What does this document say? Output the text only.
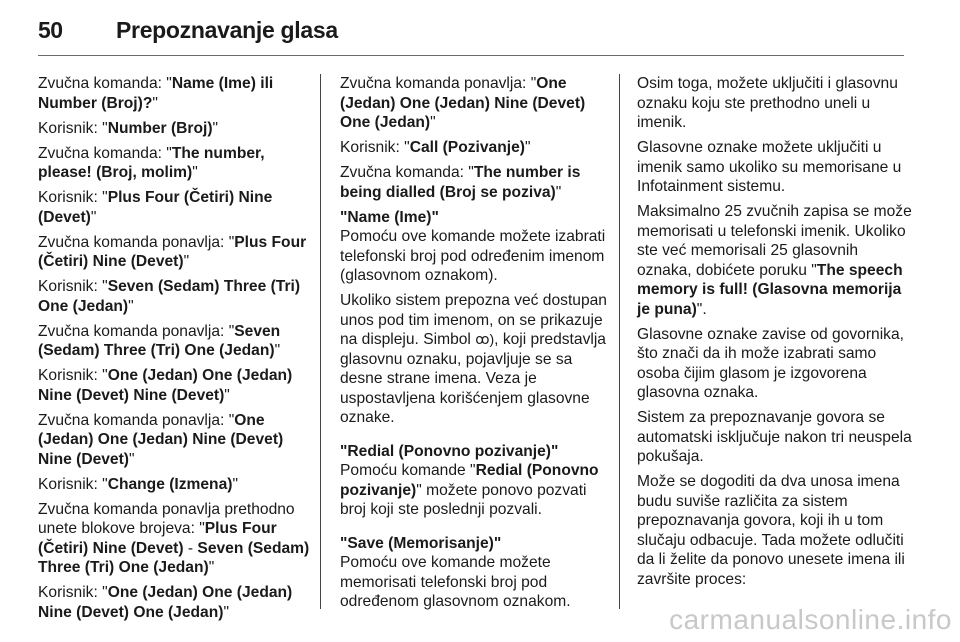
50 Prepoznavanje glasa

Zvučna komanda: "Name (Ime) ili Number (Broj)?"

Korisnik: "Number (Broj)"

Zvučna komanda: "The number, please! (Broj, molim)"

Korisnik: "Plus Four (Četiri) Nine (Devet)"

Zvučna komanda ponavlja: "Plus Four (Četiri) Nine (Devet)"

Korisnik: "Seven (Sedam) Three (Tri) One (Jedan)"

Zvučna komanda ponavlja: "Seven (Sedam) Three (Tri) One (Jedan)"

Korisnik: "One (Jedan) One (Jedan) Nine (Devet) Nine (Devet)"

Zvučna komanda ponavlja: "One (Jedan) One (Jedan) Nine (Devet) Nine (Devet)"

Korisnik: "Change (Izmena)"

Zvučna komanda ponavlja prethodno unete blokove brojeva: "Plus Four (Četiri) Nine (Devet) - Seven (Sedam) Three (Tri) One (Jedan)"

Korisnik: "One (Jedan) One (Jedan) Nine (Devet) One (Jedan)"

Zvučna komanda ponavlja: "One (Jedan) One (Jedan) Nine (Devet) One (Jedan)"

Korisnik: "Call (Pozivanje)"

Zvučna komanda: "The number is being dialled (Broj se poziva)"

"Name (Ime)"
Pomoću ove komande možete izabrati telefonski broj pod određenim imenom (glasovnom oznakom).

Ukoliko sistem prepozna već dostupan unos pod tim imenom, on se prikazuje na displeju. Simbol ꝏ), koji predstavlja glasovnu oznaku, pojavljuje se sa desne strane imena. Veza je uspostavljena korišćenjem glasovne oznake.

"Redial (Ponovno pozivanje)"
Pomoću komande "Redial (Ponovno pozivanje)" možete ponovo pozvati broj koji ste poslednji pozvali.

"Save (Memorisanje)"
Pomoću ove komande možete memorisati telefonski broj pod određenom glasovnom oznakom.

Osim toga, možete uključiti i glasovnu oznaku koju ste prethodno uneli u imenik.

Glasovne oznake možete uključiti u imenik samo ukoliko su memorisane u Infotainment sistemu.

Maksimalno 25 zvučnih zapisa se može memorisati u telefonski imenik. Ukoliko ste već memorisali 25 glasovnih oznaka, dobićete poruku "The speech memory is full! (Glasovna memorija je puna)".

Glasovne oznake zavise od govornika, što znači da ih može izabrati samo osoba čijim glasom je izgovorena glasovna oznaka.

Sistem za prepoznavanje govora se automatski isključuje nakon tri neuspela pokušaja.

Može se dogoditi da dva unosa imena budu suviše različita za sistem prepoznavanja govora, koji ih u tom slučaju odbacuje. Tada možete odlučiti da li želite da ponovo unesete imena ili završite proces:

carmanualsonline.info
